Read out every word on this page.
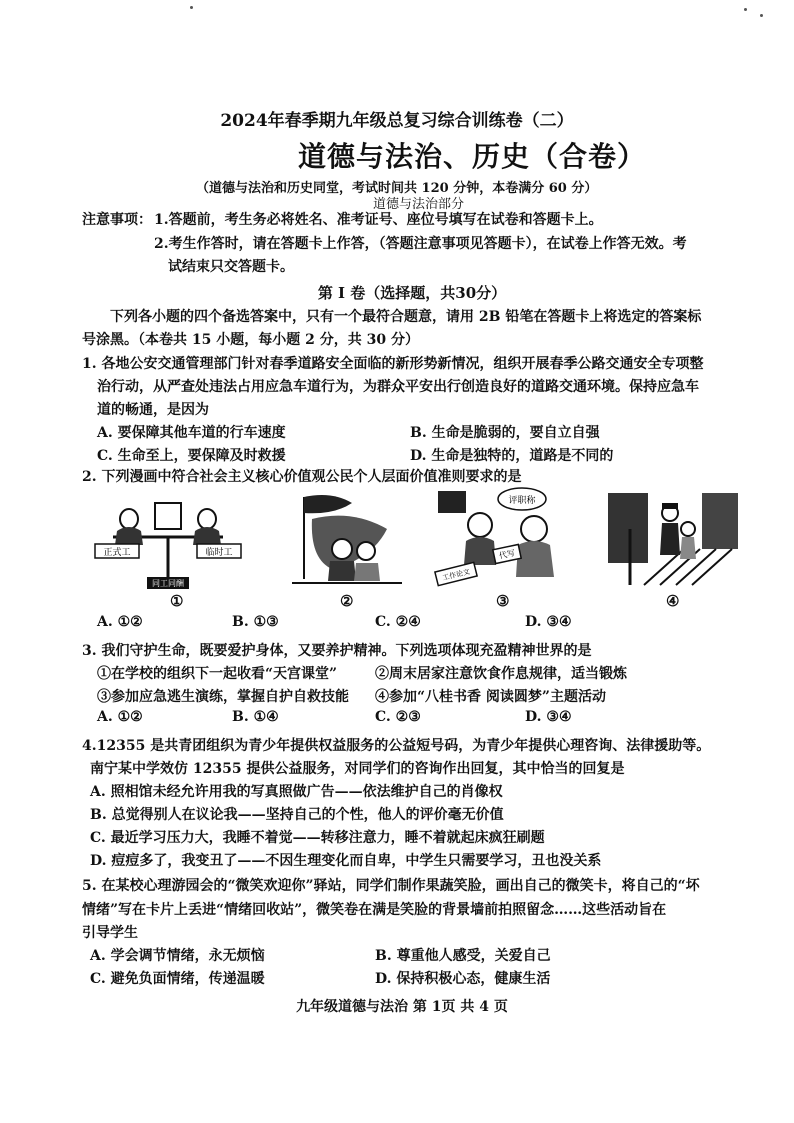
2024年春季期九年级总复习综合训练卷（二）
道德与法治、历史（合卷）
（道德与法治和历史同堂，考试时间共 120 分钟，本卷满分 60 分）
道德与法治部分
注意事项： 1.答题前，考生务必将姓名、准考证号、座位号填写在试卷和答题卡上。
2.考生作答时，请在答题卡上作答，（答题注意事项见答题卡），在试卷上作答无效。考
试结束只交答题卡。
第 I 卷（选择题，共30分）
下列各小题的四个备选答案中，只有一个最符合题意，请用 2B 铅笔在答题卡上将选定的答案标
号涂黑。（本卷共 15 小题，每小题 2 分，共 30 分）
1. 各地公安交通管理部门针对春季道路安全面临的新形势新情况，组织开展春季公路交通安全专项整
治行动，从严查处违法占用应急车道行为，为群众平安出行创造良好的道路交通环境。保持应急车
道的畅通，是因为
A. 要保障其他车道的行车速度	B. 生命是脆弱的，要自立自强
C. 生命至上，要保障及时救援	D. 生命是独特的，道路是不同的
2. 下列漫画中符合社会主义核心价值观公民个人层面价值准则要求的是
正式工	临时工
同工同酬
①	②
评职称
代写
工作论文
③	④
A. ①②	B. ①③	C. ②④	D. ③④
3. 我们守护生命，既要爱护身体，又要养护精神。下列选项体现充盈精神世界的是
①在学校的组织下一起收看“天宫课堂”	②周末居家注意饮食作息规律，适当锻炼
③参加应急逃生演练，掌握自护自救技能 ④参加“八桂书香 阅读圆梦”主题活动
A. ①②	B. ①④	C. ②③	D. ③④
4.12355 是共青团组织为青少年提供权益服务的公益短号码，为青少年提供心理咨询、法律援助等。
南宁某中学效仿 12355 提供公益服务，对同学们的咨询作出回复，其中恰当的回复是
A. 照相馆未经允许用我的写真照做广告——依法维护自己的肖像权
B. 总觉得别人在议论我——坚持自己的个性，他人的评价毫无价值
C. 最近学习压力大，我睡不着觉——转移注意力，睡不着就起床疯狂刷题
D. 痘痘多了，我变丑了——不因生理变化而自卑，中学生只需要学习，丑也没关系
5. 在某校心理游园会的“微笑欢迎你”驿站，同学们制作果蔬笑脸，画出自己的微笑卡，将自己的“坏
情绪”写在卡片上丢进“情绪回收站”，微笑卷在满是笑脸的背景墙前拍照留念……这些活动旨在
引导学生
A. 学会调节情绪，永无烦恼	B. 尊重他人感受，关爱自己
C. 避免负面情绪，传递温暖	D. 保持积极心态，健康生活
九年级道德与法治 第 1页 共 4 页
